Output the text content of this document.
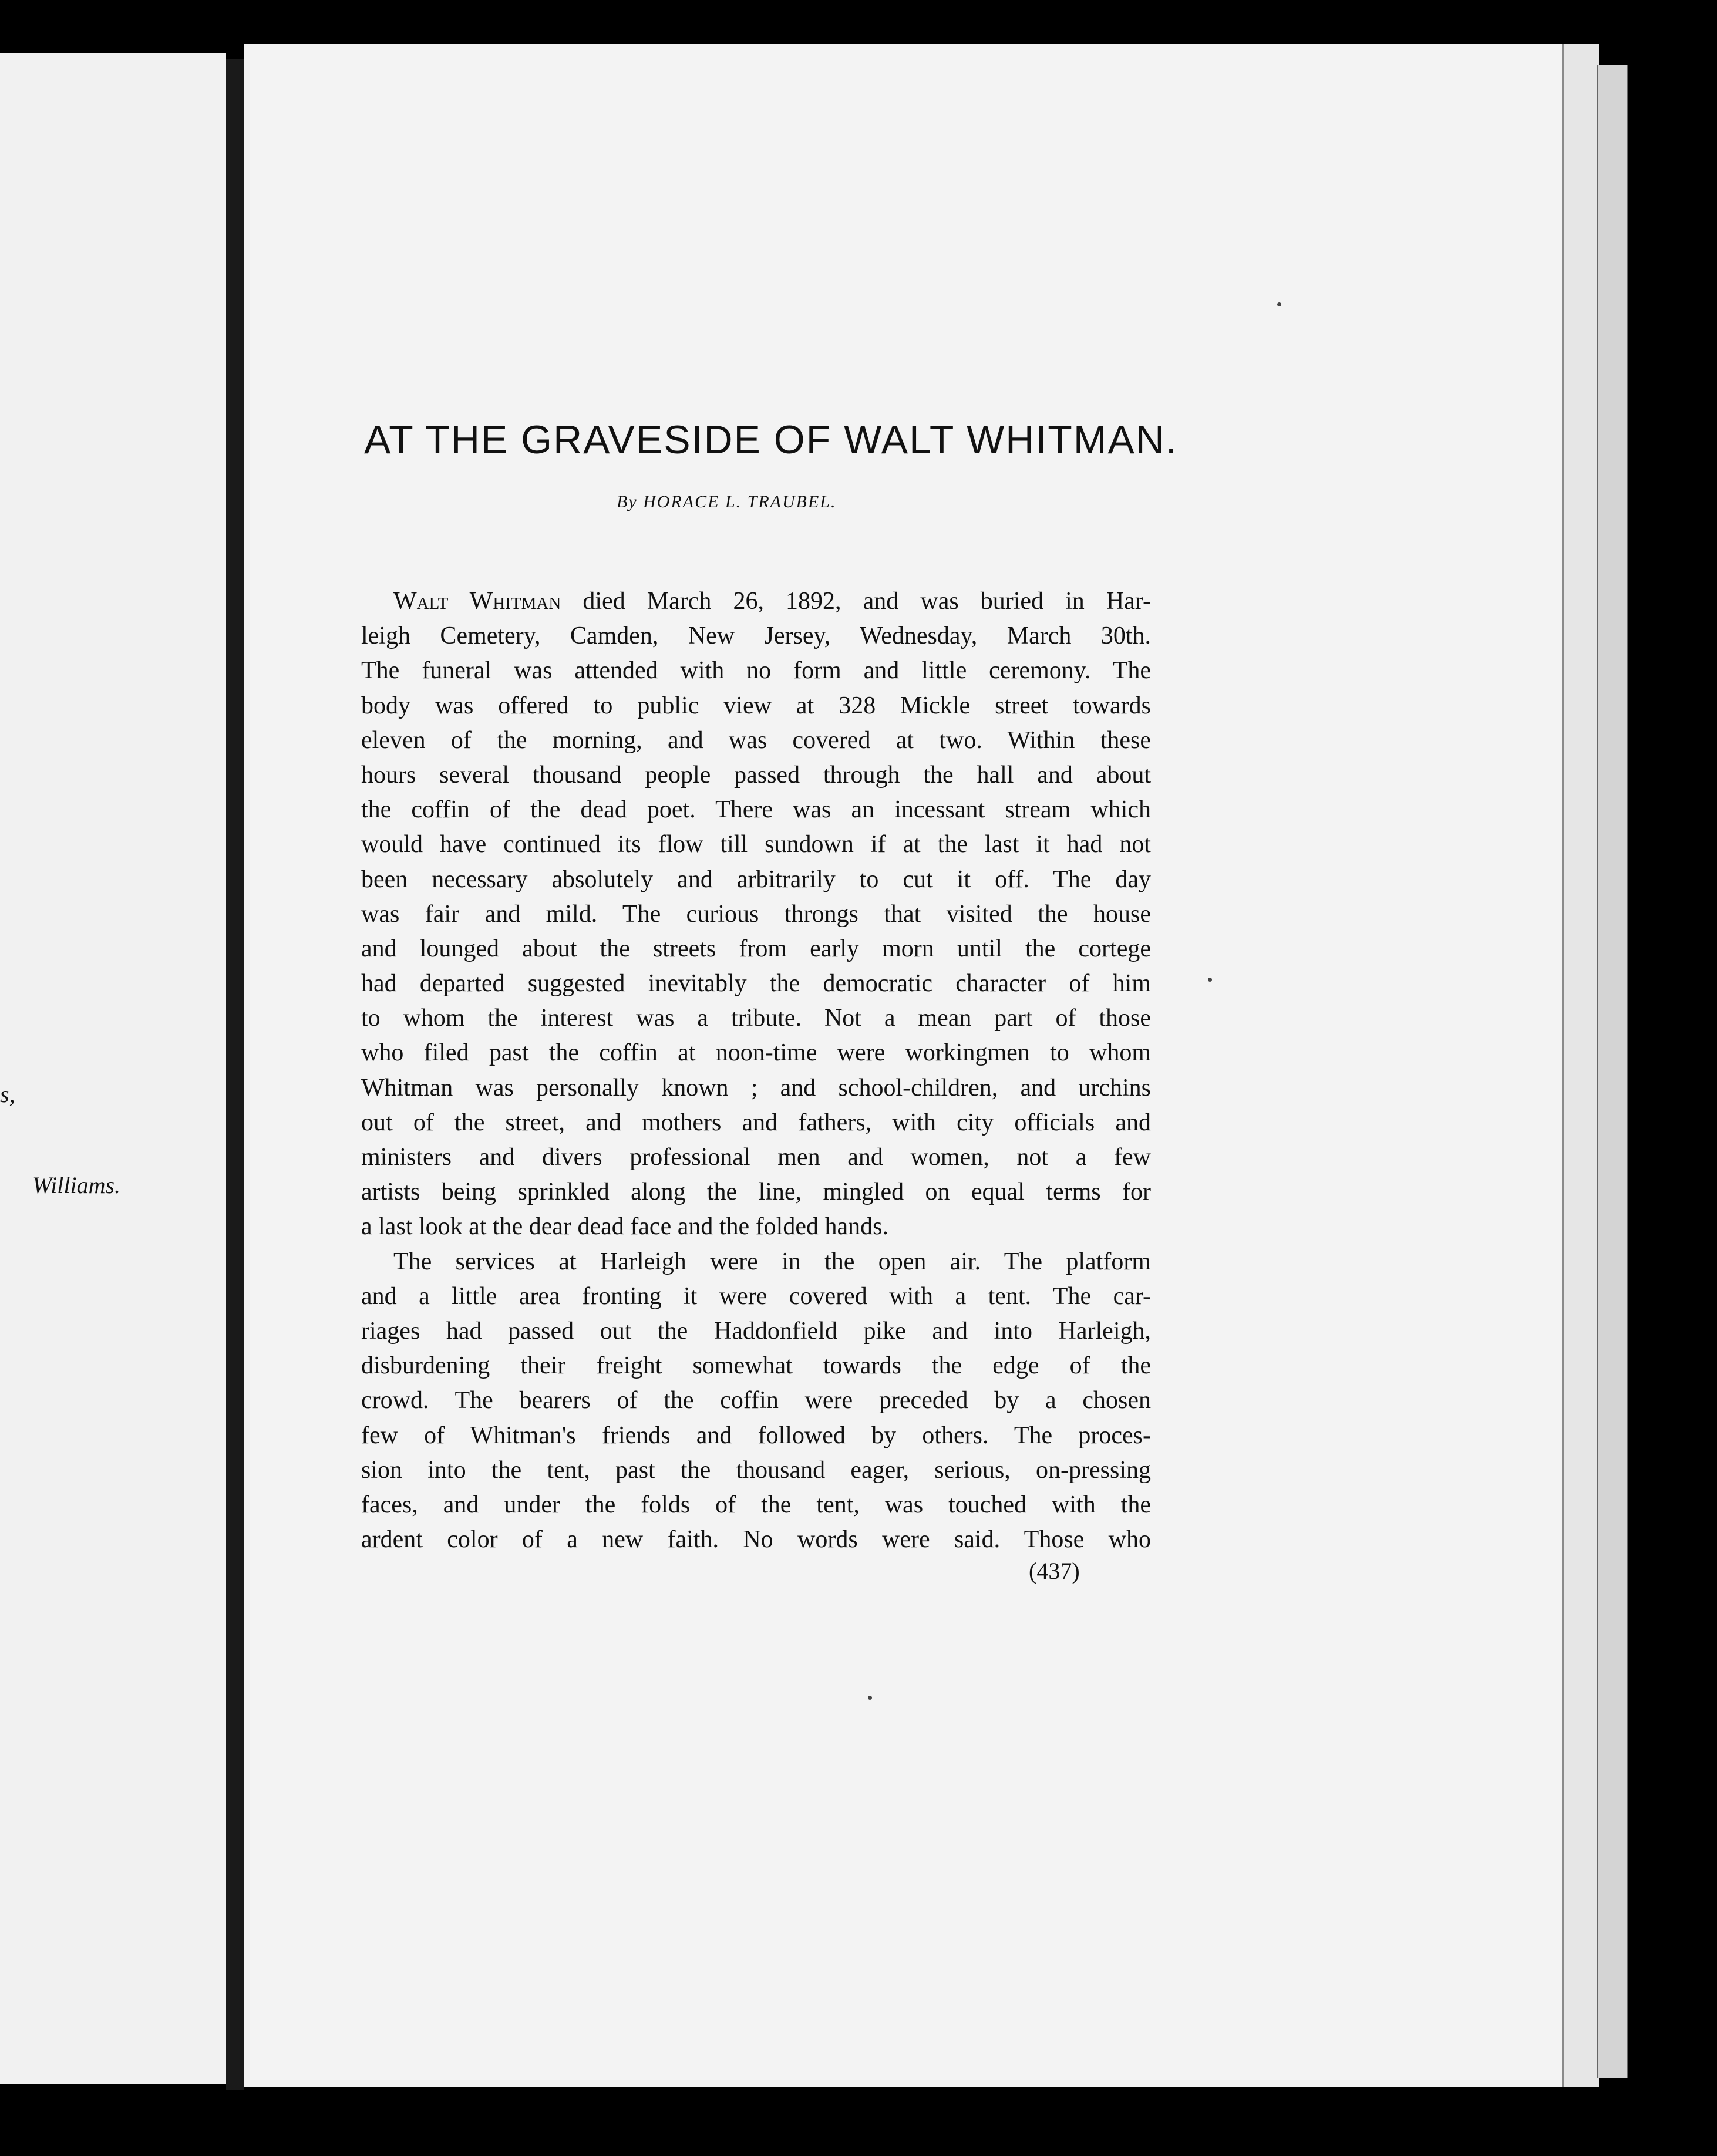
s,
Williams.
AT THE GRAVESIDE OF WALT WHITMAN.
By HORACE L. TRAUBEL.
Walt Whitman died March 26, 1892, and was buried in Har-
leigh Cemetery, Camden, New Jersey, Wednesday, March 30th.
The funeral was attended with no form and little ceremony. The
body was offered to public view at 328 Mickle street towards
eleven of the morning, and was covered at two. Within these
hours several thousand people passed through the hall and about
the coffin of the dead poet. There was an incessant stream which
would have continued its flow till sundown if at the last it had not
been necessary absolutely and arbitrarily to cut it off. The day
was fair and mild. The curious throngs that visited the house
and lounged about the streets from early morn until the cortege
had departed suggested inevitably the democratic character of him
to whom the interest was a tribute. Not a mean part of those
who filed past the coffin at noon-time were workingmen to whom
Whitman was personally known ; and school-children, and urchins
out of the street, and mothers and fathers, with city officials and
ministers and divers professional men and women, not a few
artists being sprinkled along the line, mingled on equal terms for
a last look at the dear dead face and the folded hands.
The services at Harleigh were in the open air. The platform
and a little area fronting it were covered with a tent. The car-
riages had passed out the Haddonfield pike and into Harleigh,
disburdening their freight somewhat towards the edge of the
crowd. The bearers of the coffin were preceded by a chosen
few of Whitman's friends and followed by others. The proces-
sion into the tent, past the thousand eager, serious, on-pressing
faces, and under the folds of the tent, was touched with the
ardent color of a new faith. No words were said. Those who
(437)
